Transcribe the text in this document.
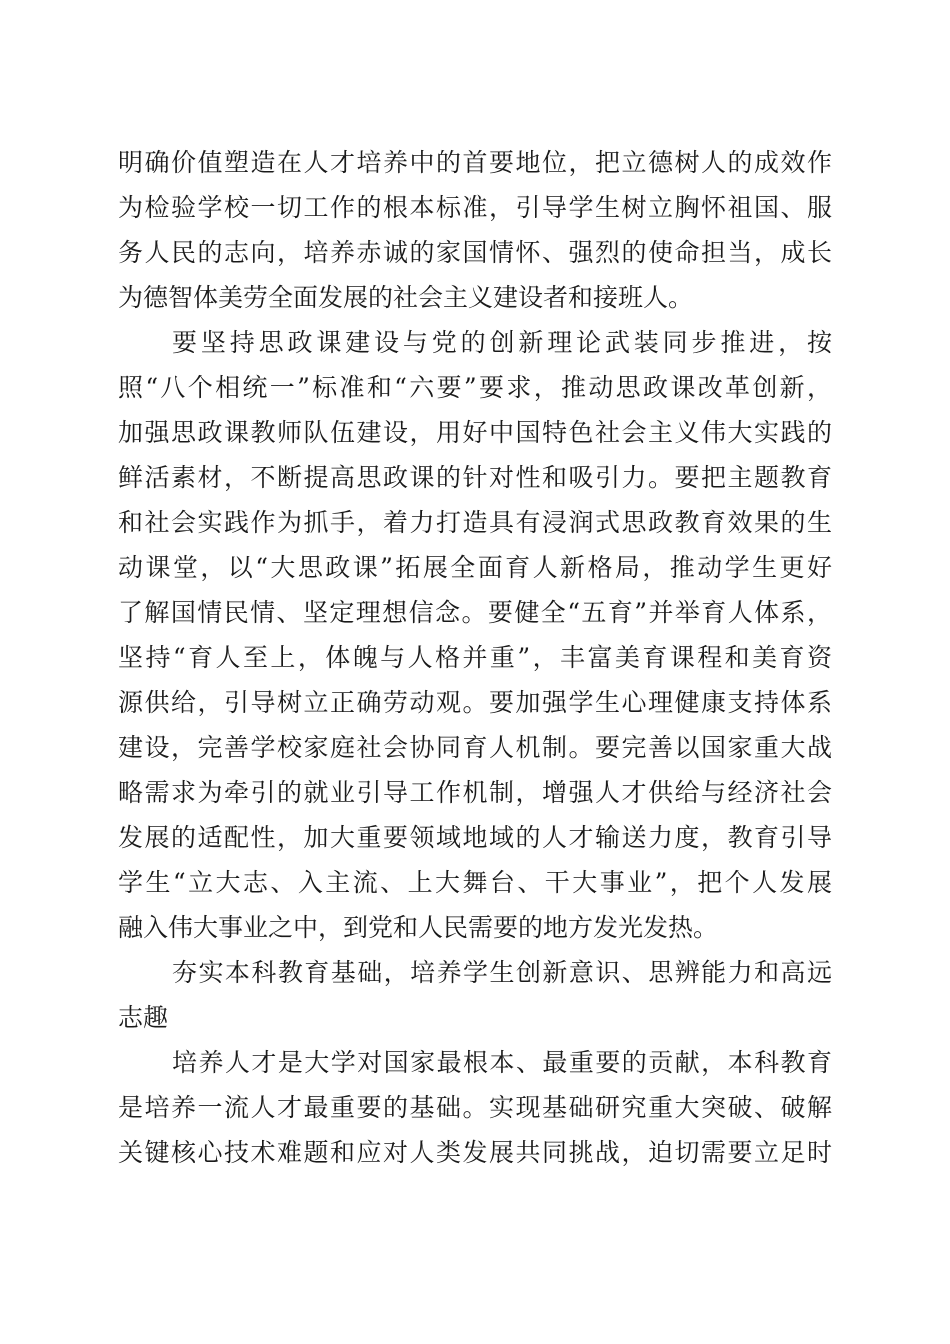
明确价值塑造在人才培养中的首要地位，把立德树人的成效作
为检验学校一切工作的根本标准，引导学生树立胸怀祖国、服
务人民的志向，培养赤诚的家国情怀、强烈的使命担当，成长
为德智体美劳全面发展的社会主义建设者和接班人。
要坚持思政课建设与党的创新理论武装同步推进，按
照“八个相统一”标准和“六要”要求，推动思政课改革创新，
加强思政课教师队伍建设，用好中国特色社会主义伟大实践的
鲜活素材，不断提高思政课的针对性和吸引力。要把主题教育
和社会实践作为抓手，着力打造具有浸润式思政教育效果的生
动课堂，以“大思政课”拓展全面育人新格局，推动学生更好
了解国情民情、坚定理想信念。要健全“五育”并举育人体系，
坚持“育人至上，体魄与人格并重”，丰富美育课程和美育资
源供给，引导树立正确劳动观。要加强学生心理健康支持体系
建设，完善学校家庭社会协同育人机制。要完善以国家重大战
略需求为牵引的就业引导工作机制，增强人才供给与经济社会
发展的适配性，加大重要领域地域的人才输送力度，教育引导
学生“立大志、入主流、上大舞台、干大事业”，把个人发展
融入伟大事业之中，到党和人民需要的地方发光发热。
夯实本科教育基础，培养学生创新意识、思辨能力和高远
志趣
培养人才是大学对国家最根本、最重要的贡献，本科教育
是培养一流人才最重要的基础。实现基础研究重大突破、破解
关键核心技术难题和应对人类发展共同挑战，迫切需要立足时
